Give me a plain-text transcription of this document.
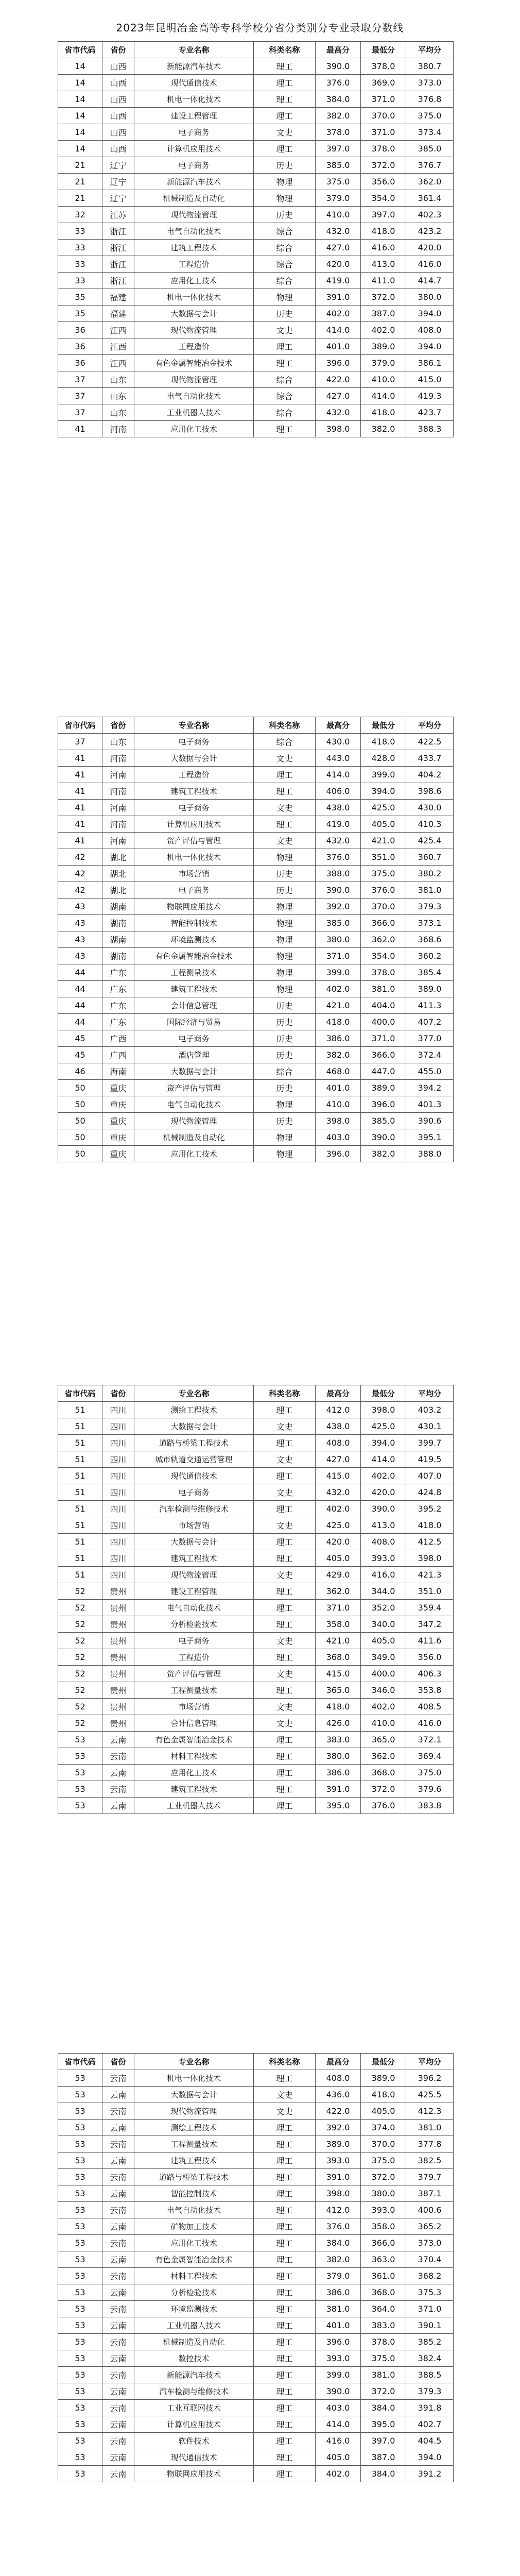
2023年昆明冶金高等专科学校分省分类别分专业录取分数线
省市代码	省份	专业名称	科类名称	最高分	最低分	平均分
14	山西	新能源汽车技术	理工	390.0	378.0	380.7
14	山西	现代通信技术	理工	376.0	369.0	373.0
14	山西	机电一体化技术	理工	384.0	371.0	376.8
14	山西	建设工程管理	理工	382.0	370.0	375.0
14	山西	电子商务	文史	378.0	371.0	373.4
14	山西	计算机应用技术	理工	397.0	378.0	385.0
21	辽宁	电子商务	历史	385.0	372.0	376.7
21	辽宁	新能源汽车技术	物理	375.0	356.0	362.0
21	辽宁	机械制造及自动化	物理	379.0	354.0	361.4
32	江苏	现代物流管理	历史	410.0	397.0	402.3
33	浙江	电气自动化技术	综合	432.0	418.0	423.2
33	浙江	建筑工程技术	综合	427.0	416.0	420.0
33	浙江	工程造价	综合	420.0	413.0	416.0
33	浙江	应用化工技术	综合	419.0	411.0	414.7
35	福建	机电一体化技术	物理	391.0	372.0	380.0
35	福建	大数据与会计	历史	402.0	387.0	394.0
36	江西	现代物流管理	文史	414.0	402.0	408.0
36	江西	工程造价	理工	401.0	389.0	394.0
36	江西	有色金属智能冶金技术	理工	396.0	379.0	386.1
37	山东	现代物流管理	综合	422.0	410.0	415.0
37	山东	电气自动化技术	综合	427.0	414.0	419.3
37	山东	工业机器人技术	综合	432.0	418.0	423.7
41	河南	应用化工技术	理工	398.0	382.0	388.3
省市代码	省份	专业名称	科类名称	最高分	最低分	平均分
37	山东	电子商务	综合	430.0	418.0	422.5
41	河南	大数据与会计	文史	443.0	428.0	433.7
41	河南	工程造价	理工	414.0	399.0	404.2
41	河南	建筑工程技术	理工	406.0	394.0	398.6
41	河南	电子商务	文史	438.0	425.0	430.0
41	河南	计算机应用技术	理工	419.0	405.0	410.3
41	河南	资产评估与管理	文史	432.0	421.0	425.4
42	湖北	机电一体化技术	物理	376.0	351.0	360.7
42	湖北	市场营销	历史	388.0	375.0	380.2
42	湖北	电子商务	历史	390.0	376.0	381.0
43	湖南	物联网应用技术	物理	392.0	370.0	379.3
43	湖南	智能控制技术	物理	385.0	366.0	373.1
43	湖南	环境监测技术	物理	380.0	362.0	368.6
43	湖南	有色金属智能冶金技术	物理	371.0	354.0	360.2
44	广东	工程测量技术	物理	399.0	378.0	385.4
44	广东	建筑工程技术	物理	402.0	381.0	389.0
44	广东	会计信息管理	历史	421.0	404.0	411.3
44	广东	国际经济与贸易	历史	418.0	400.0	407.2
45	广西	电子商务	历史	386.0	371.0	377.0
45	广西	酒店管理	历史	382.0	366.0	372.4
46	海南	大数据与会计	综合	468.0	447.0	455.0
50	重庆	资产评估与管理	历史	401.0	389.0	394.2
50	重庆	电气自动化技术	物理	410.0	396.0	401.3
50	重庆	现代物流管理	历史	398.0	385.0	390.6
50	重庆	机械制造及自动化	物理	403.0	390.0	395.1
50	重庆	应用化工技术	物理	396.0	382.0	388.0
省市代码	省份	专业名称	科类名称	最高分	最低分	平均分
51	四川	测绘工程技术	理工	412.0	398.0	403.2
51	四川	大数据与会计	文史	438.0	425.0	430.1
51	四川	道路与桥梁工程技术	理工	408.0	394.0	399.7
51	四川	城市轨道交通运营管理	文史	427.0	414.0	419.5
51	四川	现代通信技术	理工	415.0	402.0	407.0
51	四川	电子商务	文史	432.0	420.0	424.8
51	四川	汽车检测与维修技术	理工	402.0	390.0	395.2
51	四川	市场营销	文史	425.0	413.0	418.0
51	四川	大数据与会计	理工	420.0	408.0	412.5
51	四川	建筑工程技术	理工	405.0	393.0	398.0
51	四川	现代物流管理	文史	429.0	416.0	421.3
52	贵州	建设工程管理	理工	362.0	344.0	351.0
52	贵州	电气自动化技术	理工	371.0	352.0	359.4
52	贵州	分析检验技术	理工	358.0	340.0	347.2
52	贵州	电子商务	文史	421.0	405.0	411.6
52	贵州	工程造价	理工	368.0	349.0	356.0
52	贵州	资产评估与管理	文史	415.0	400.0	406.3
52	贵州	工程测量技术	理工	365.0	346.0	353.8
52	贵州	市场营销	文史	418.0	402.0	408.5
52	贵州	会计信息管理	文史	426.0	410.0	416.0
53	云南	有色金属智能冶金技术	理工	383.0	365.0	372.1
53	云南	材料工程技术	理工	380.0	362.0	369.4
53	云南	应用化工技术	理工	386.0	368.0	375.0
53	云南	建筑工程技术	理工	391.0	372.0	379.6
53	云南	工业机器人技术	理工	395.0	376.0	383.8
省市代码	省份	专业名称	科类名称	最高分	最低分	平均分
53	云南	机电一体化技术	理工	408.0	389.0	396.2
53	云南	大数据与会计	文史	436.0	418.0	425.5
53	云南	现代物流管理	文史	422.0	405.0	412.3
53	云南	测绘工程技术	理工	392.0	374.0	381.0
53	云南	工程测量技术	理工	389.0	370.0	377.8
53	云南	建筑工程技术	理工	393.0	375.0	382.5
53	云南	道路与桥梁工程技术	理工	391.0	372.0	379.7
53	云南	智能控制技术	理工	398.0	380.0	387.1
53	云南	电气自动化技术	理工	412.0	393.0	400.6
53	云南	矿物加工技术	理工	376.0	358.0	365.2
53	云南	应用化工技术	理工	384.0	366.0	373.0
53	云南	有色金属智能冶金技术	理工	382.0	363.0	370.4
53	云南	材料工程技术	理工	379.0	361.0	368.2
53	云南	分析检验技术	理工	386.0	368.0	375.3
53	云南	环境监测技术	理工	381.0	364.0	371.0
53	云南	工业机器人技术	理工	401.0	383.0	390.1
53	云南	机械制造及自动化	理工	396.0	378.0	385.2
53	云南	数控技术	理工	393.0	375.0	382.4
53	云南	新能源汽车技术	理工	399.0	381.0	388.5
53	云南	汽车检测与维修技术	理工	390.0	372.0	379.3
53	云南	工业互联网技术	理工	403.0	384.0	391.8
53	云南	计算机应用技术	理工	414.0	395.0	402.7
53	云南	软件技术	理工	416.0	397.0	404.5
53	云南	现代通信技术	理工	405.0	387.0	394.0
53	云南	物联网应用技术	理工	402.0	384.0	391.2
